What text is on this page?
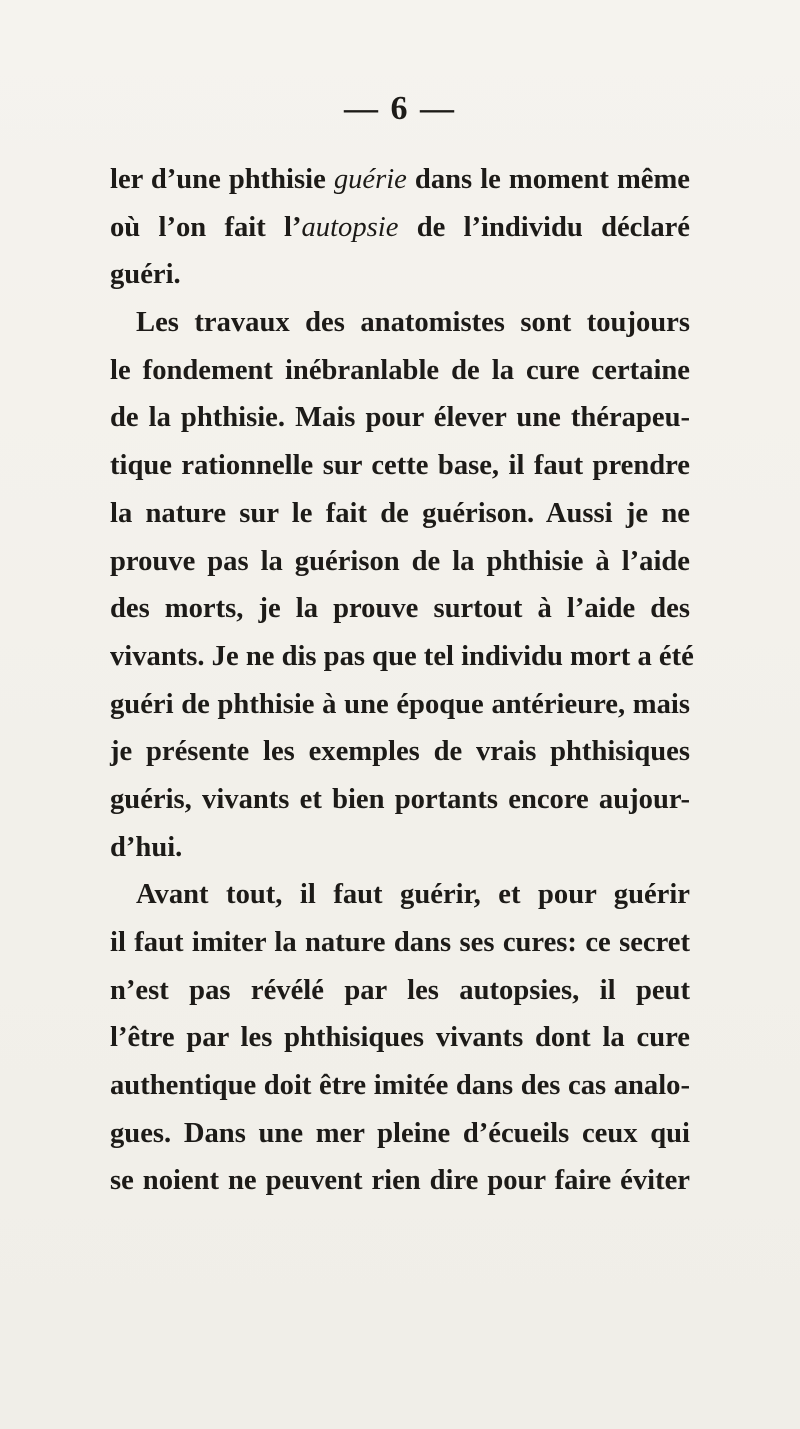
— 6 —
ler d’une phthisie guérie dans le moment même
où l’on fait l’autopsie de l’individu déclaré
guéri.
Les travaux des anatomistes sont toujours
le fondement inébranlable de la cure certaine
de la phthisie. Mais pour élever une thérapeu-
tique rationnelle sur cette base, il faut prendre
la nature sur le fait de guérison. Aussi je ne
prouve pas la guérison de la phthisie à l’aide
des morts, je la prouve surtout à l’aide des
vivants. Je ne dis pas que tel individu mort a été
guéri de phthisie à une époque antérieure, mais
je présente les exemples de vrais phthisiques
guéris, vivants et bien portants encore aujour-
d’hui.
Avant tout, il faut guérir, et pour guérir
il faut imiter la nature dans ses cures: ce secret
n’est pas révélé par les autopsies, il peut
l’être par les phthisiques vivants dont la cure
authentique doit être imitée dans des cas analo-
gues. Dans une mer pleine d’écueils ceux qui
se noient ne peuvent rien dire pour faire éviter
